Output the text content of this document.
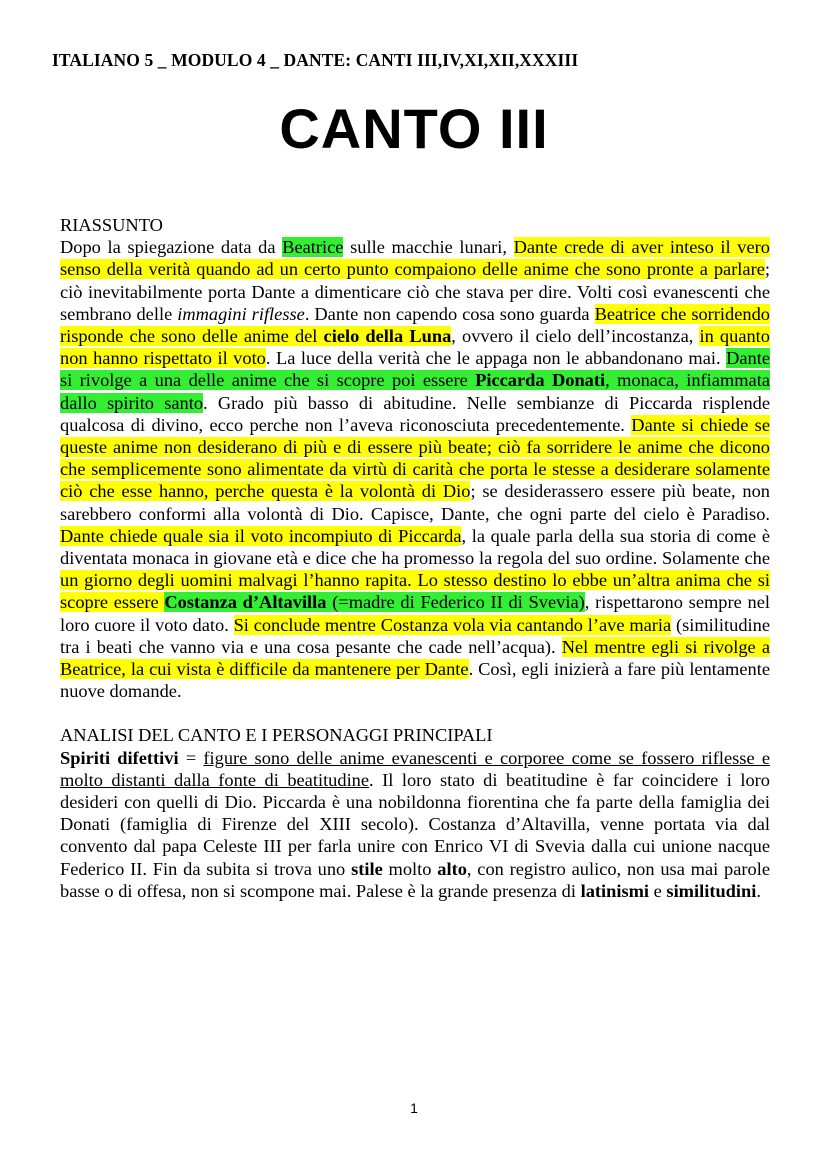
ITALIANO 5 _ MODULO 4 _ DANTE: CANTI III,IV,XI,XII,XXXIII
CANTO III
RIASSUNTO

Dopo la spiegazione data da Beatrice sulle macchie lunari, Dante crede di aver inteso il vero senso della verità quando ad un certo punto compaiono delle anime che sono pronte a parlare; ciò inevitabilmente porta Dante a dimenticare ciò che stava per dire. Volti così evanescenti che sembrano delle immagini riflesse. Dante non capendo cosa sono guarda Beatrice che sorridendo risponde che sono delle anime del cielo della Luna, ovvero il cielo dell’incostanza, in quanto non hanno rispettato il voto. La luce della verità che le appaga non le abbandonano mai. Dante si rivolge a una delle anime che si scopre poi essere Piccarda Donati, monaca, infiammata dallo spirito santo. Grado più basso di abitudine. Nelle sembianze di Piccarda risplende qualcosa di divino, ecco perche non l’aveva riconosciuta precedentemente. Dante si chiede se queste anime non desiderano di più e di essere più beate; ciò fa sorridere le anime che dicono che semplicemente sono alimentate da virtù di carità che porta le stesse a desiderare solamente ciò che esse hanno, perche questa è la volontà di Dio; se desiderassero essere più beate, non sarebbero conformi alla volontà di Dio. Capisce, Dante, che ogni parte del cielo è Paradiso. Dante chiede quale sia il voto incompiuto di Piccarda, la quale parla della sua storia di come è diventata monaca in giovane età e dice che ha promesso la regola del suo ordine. Solamente che un giorno degli uomini malvagi l’hanno rapita. Lo stesso destino lo ebbe un’altra anima che si scopre essere Costanza d’Altavilla (=madre di Federico II di Svevia), rispettarono sempre nel loro cuore il voto dato. Si conclude mentre Costanza vola via cantando l’ave maria (similitudine tra i beati che vanno via e una cosa pesante che cade nell’acqua). Nel mentre egli si rivolge a Beatrice, la cui vista è difficile da mantenere per Dante. Così, egli inizierà a fare più lentamente nuove domande.

ANALISI DEL CANTO E I PERSONAGGI PRINCIPALI

Spiriti difettivi = figure sono delle anime evanescenti e corporee come se fossero riflesse e molto distanti dalla fonte di beatitudine. Il loro stato di beatitudine è far coincidere i loro desideri con quelli di Dio. Piccarda è una nobildonna fiorentina che fa parte della famiglia dei Donati (famiglia di Firenze del XIII secolo). Costanza d’Altavilla, venne portata via dal convento dal papa Celeste III per farla unire con Enrico VI di Svevia dalla cui unione nacque Federico II. Fin da subita si trova uno stile molto alto, con registro aulico, non usa mai parole basse o di offesa, non si scompone mai. Palese è la grande presenza di latinismi e similitudini.

1
